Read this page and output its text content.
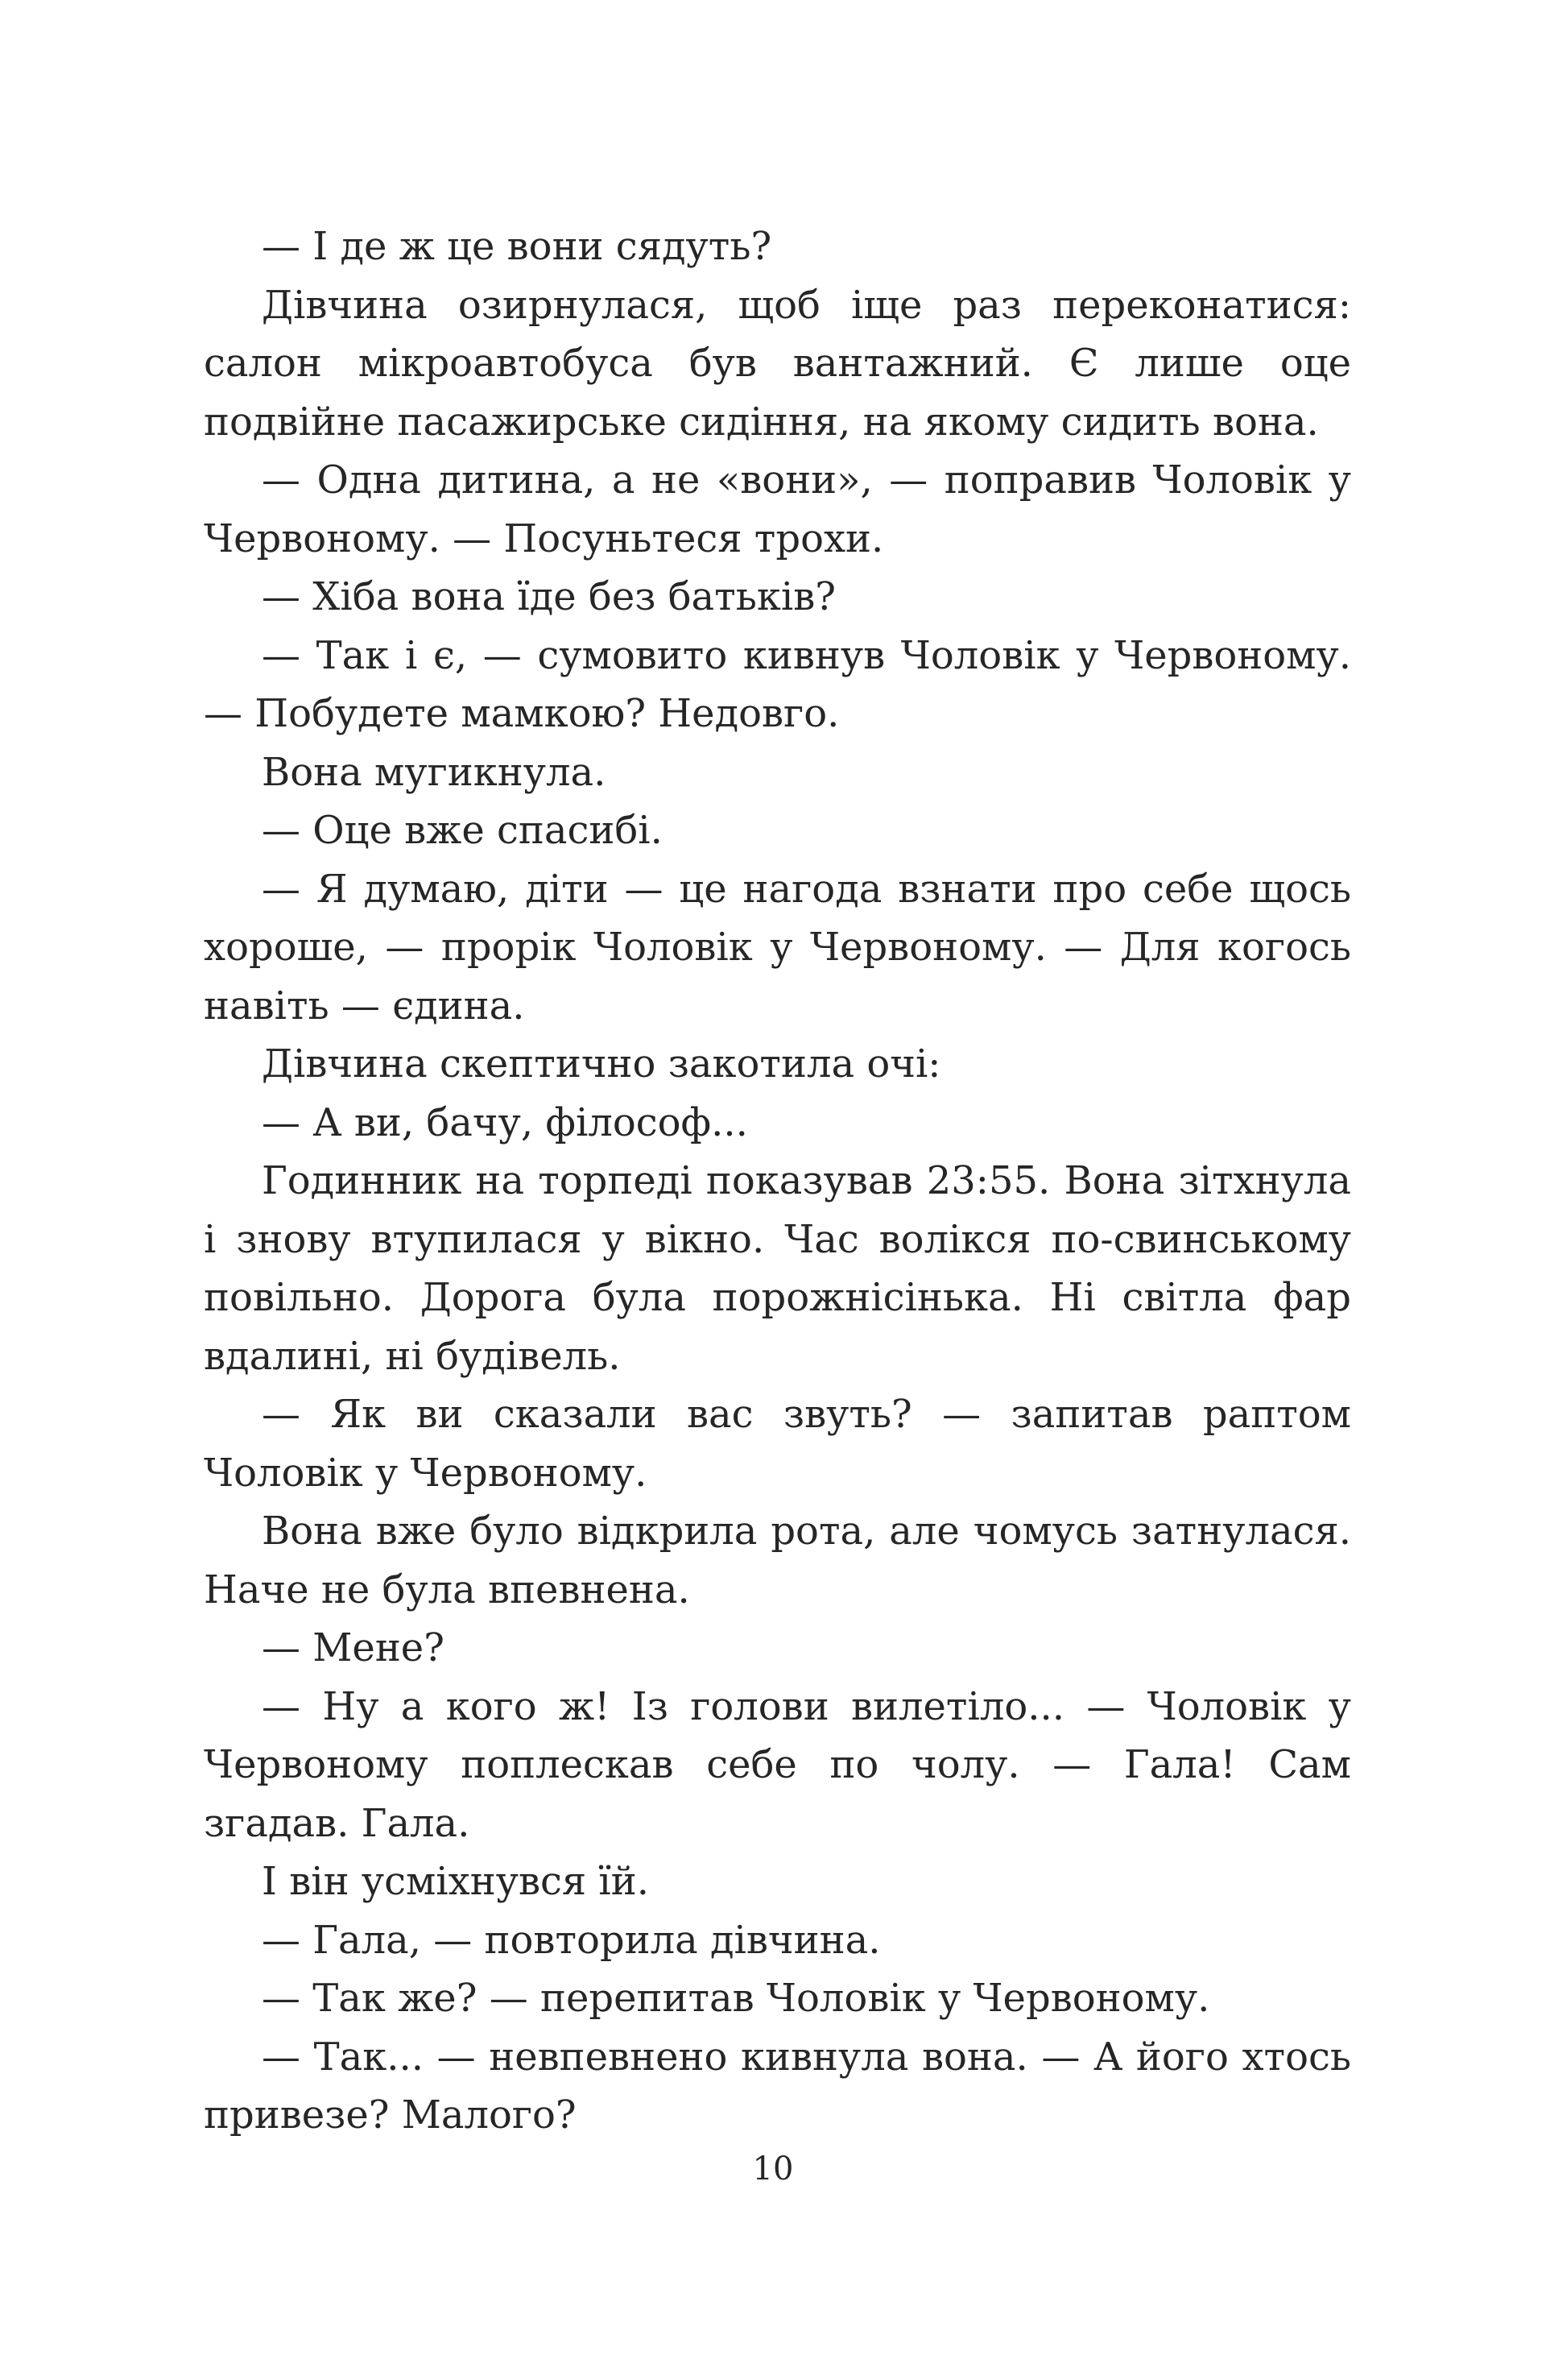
— І де ж це вони сядуть?

Дівчина озирнулася, щоб іще раз переконатися: салон мікроавтобуса був вантажний. Є лише оце подвійне пасажирське сидіння, на якому сидить вона.

— Одна дитина, а не «вони», — поправив Чоловік у Червоному. — Посуньтеся трохи.

— Хіба вона їде без батьків?

— Так і є, — сумовито кивнув Чоловік у Червоному. — Побудете мамкою? Недовго.

Вона мугикнула.

— Оце вже спасибі.

— Я думаю, діти — це нагода взнати про себе щось хороше, — прорік Чоловік у Червоному. — Для когось навіть — єдина.

Дівчина скептично закотила очі:

— А ви, бачу, філософ...

Годинник на торпеді показував 23:55. Вона зітхнула і знову втупилася у вікно. Час волікся по-свинському повільно. Дорога була порожнісінька. Ні світла фар вдалині, ні будівель.

— Як ви сказали вас звуть? — запитав раптом Чоловік у Червоному.

Вона вже було відкрила рота, але чомусь затнулася. Наче не була впевнена.

— Мене?

— Ну а кого ж! Із голови вилетіло... — Чоловік у Червоному поплескав себе по чолу. — Гала! Сам згадав. Гала.

І він усміхнувся їй.

— Гала, — повторила дівчина.

— Так же? — перепитав Чоловік у Червоному.

— Так... — невпевнено кивнула вона. — А його хтось привезе? Малого?

10
